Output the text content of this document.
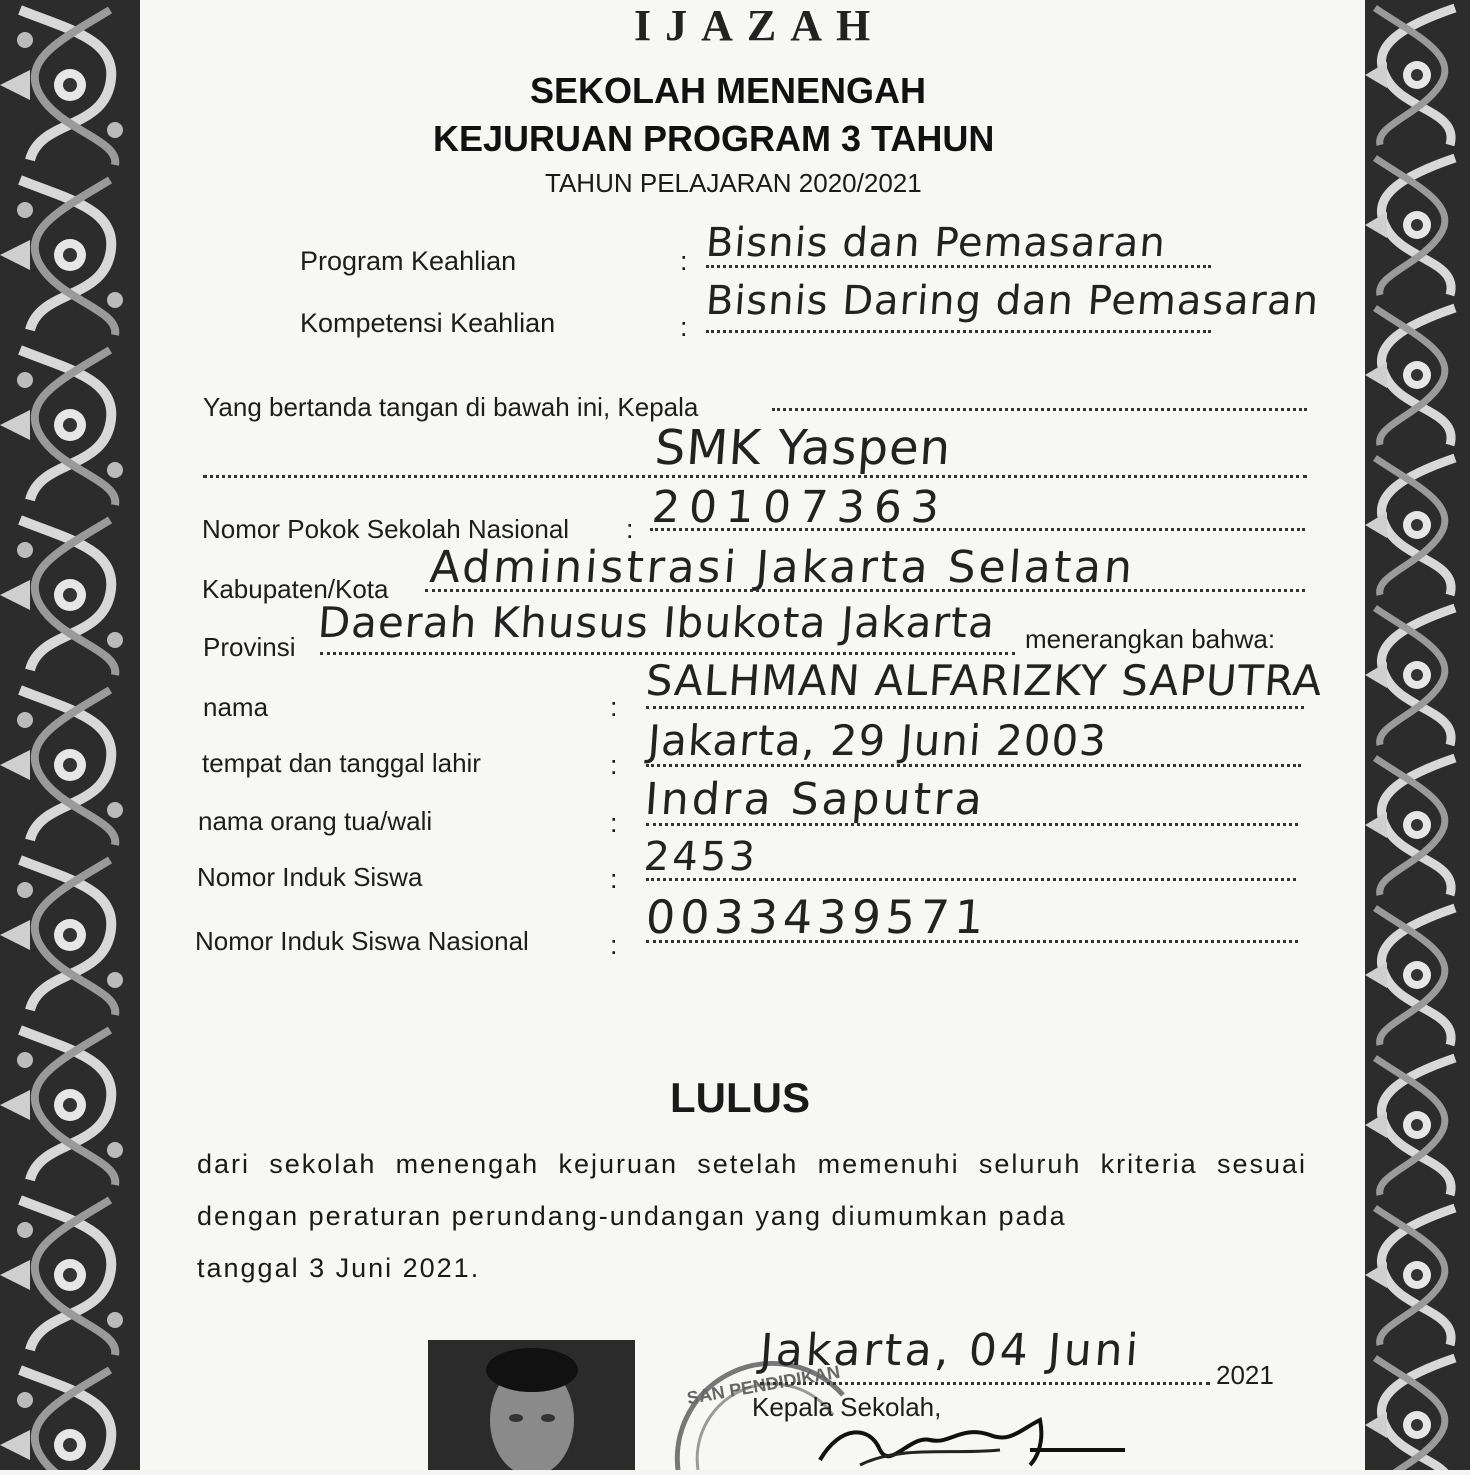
IJAZAH
SEKOLAH MENENGAH
KEJURUAN PROGRAM 3 TAHUN
TAHUN PELAJARAN 2020/2021
Program Keahlian	: Bisnis dan Pemasaran
Kompetensi Keahlian	:
Bisnis Daring dan Pemasaran
Yang bertanda tangan di bawah ini, Kepala
SMK Yaspen
Nomor Pokok Sekolah Nasional : 20107363
Kabupaten/Kota Administrasi Jakarta Selatan
Provinsi Daerah Khusus Ibukota Jakarta menerangkan bahwa:
nama	:
SALHMAN ALFARIZKY SAPUTRA
tempat dan tanggal lahir	: Jakarta, 29 Juni 2003
nama orang tua/wali	: Indra Saputra
Nomor Induk Siswa	: 2453
Nomor Induk Siswa Nasional	:
0033439571
LULUS
dari sekolah menengah kejuruan setelah memenuhi seluruh kriteria sesuai dengan peraturan perundang-undangan yang diumumkan pada
tanggal 3 Juni 2021.
SAN PENDIDIKAN
Jakarta, 04 Juni	2021
Kepala Sekolah,
